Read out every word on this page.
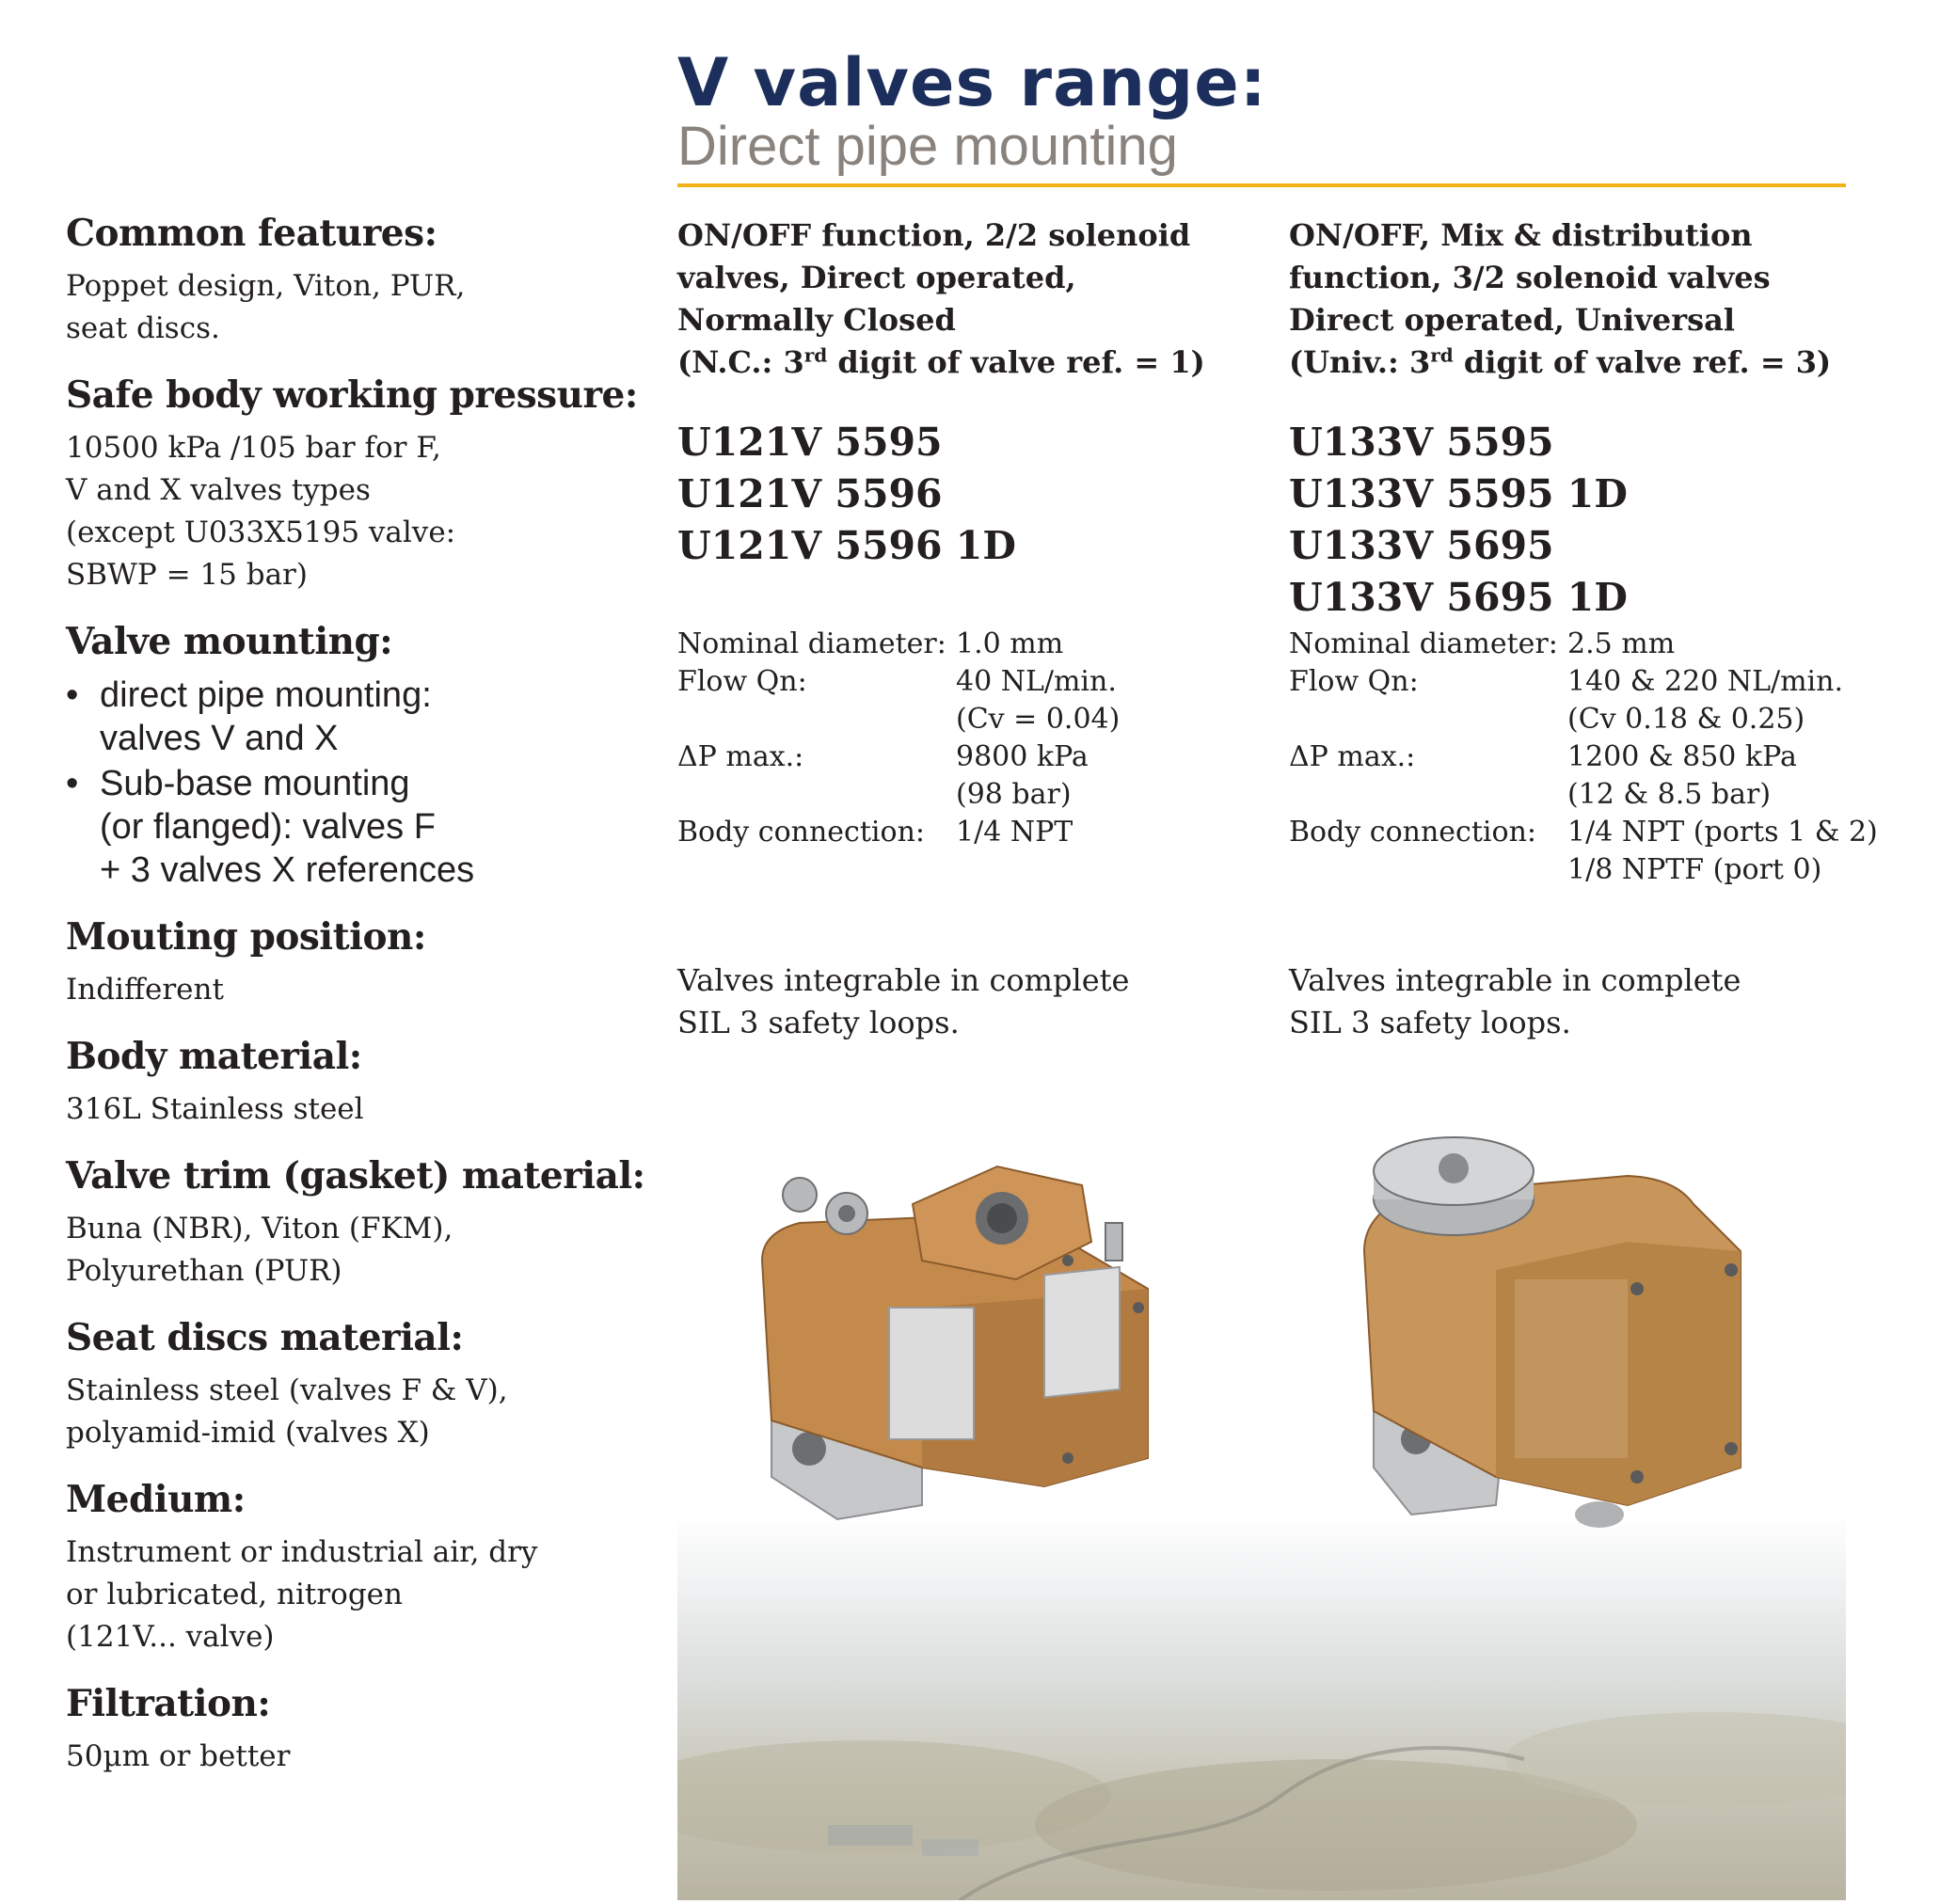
V valves range:
Direct pipe mounting
Common features:
Poppet design, Viton, PUR,
seat discs.
Safe body working pressure:
10500 kPa /105 bar for F,
V and X valves types
(except U033X5195 valve:
SBWP = 15 bar)
Valve mounting:
• direct pipe mounting:
valves V and X
• Sub-base mounting
(or flanged): valves F
+ 3 valves X references
Mouting position:
Indifferent
Body material:
316L Stainless steel
Valve trim (gasket) material:
Buna (NBR), Viton (FKM),
Polyurethan (PUR)
Seat discs material:
Stainless steel (valves F & V),
polyamid-imid (valves X)
Medium:
Instrument or industrial air, dry
or lubricated, nitrogen
(121V... valve)
Filtration:
50µm or better
ON/OFF function, 2/2 solenoid
valves, Direct operated,
Normally Closed
(N.C.: 3rd digit of valve ref. = 1)
U121V 5595
U121V 5596
U121V 5596 1D
Nominal diameter: 1.0 mm
Flow Qn:	40 NL/min.
(Cv = 0.04)
ΔP max.:	9800 kPa
(98 bar)
Body connection:	1/4 NPT
Valves integrable in complete
SIL 3 safety loops.
ON/OFF, Mix & distribution
function, 3/2 solenoid valves
Direct operated, Universal
(Univ.: 3rd digit of valve ref. = 3)
U133V 5595
U133V 5595 1D
U133V 5695
U133V 5695 1D
Nominal diameter: 2.5 mm
Flow Qn:	140 & 220 NL/min.
(Cv 0.18 & 0.25)
ΔP max.:	1200 & 850 kPa
(12 & 8.5 bar)
Body connection:	1/4 NPT (ports 1 & 2)
1/8 NPTF (port 0)
Valves integrable in complete
SIL 3 safety loops.
